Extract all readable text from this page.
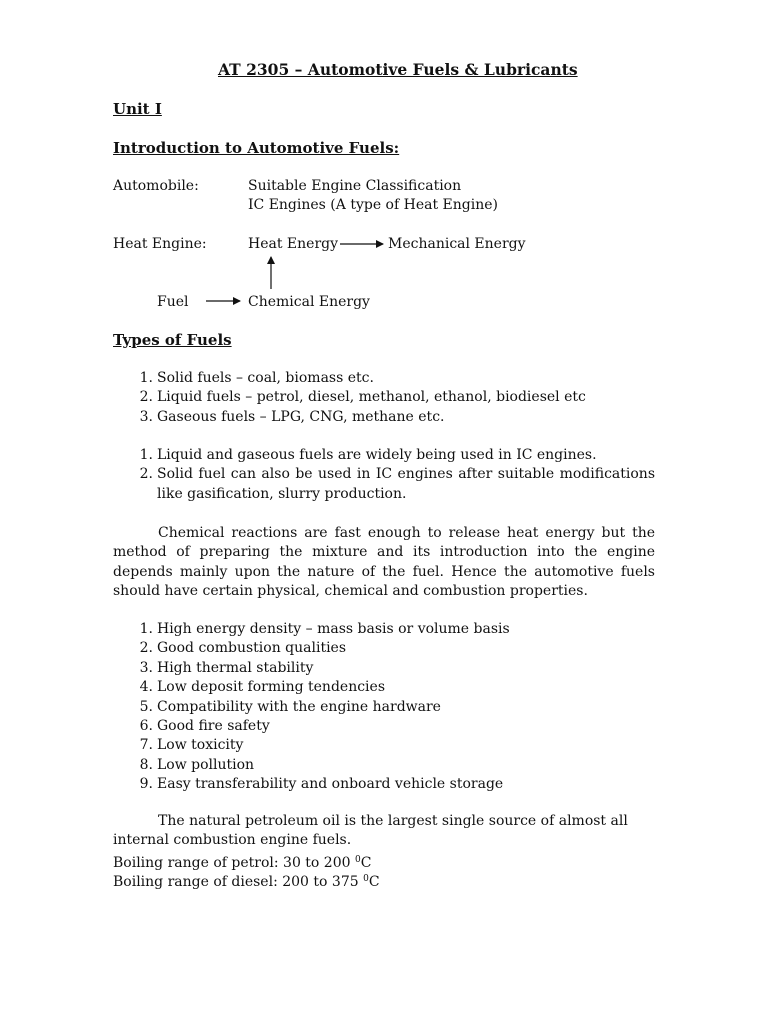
AT 2305 – Automotive Fuels & Lubricants
Unit I
Introduction to Automotive Fuels:
Automobile:	Suitable Engine Classification
IC Engines (A type of Heat Engine)
Heat Engine:	Heat Energy	Mechanical Energy
Fuel	Chemical Energy
Types of Fuels
1. Solid fuels – coal, biomass etc.
2. Liquid fuels – petrol, diesel, methanol, ethanol, biodiesel etc
3. Gaseous fuels – LPG, CNG, methane etc.
1. Liquid and gaseous fuels are widely being used in IC engines.
2. Solid fuel can also be used in IC engines after suitable modifications like gasification, slurry production.
Chemical reactions are fast enough to release heat energy but the method of preparing the mixture and its introduction into the engine depends mainly upon the nature of the fuel. Hence the automotive fuels should have certain physical, chemical and combustion properties.
1. High energy density – mass basis or volume basis
2. Good combustion qualities
3. High thermal stability
4. Low deposit forming tendencies
5. Compatibility with the engine hardware
6. Good fire safety
7. Low toxicity
8. Low pollution
9. Easy transferability and onboard vehicle storage
The natural petroleum oil is the largest single source of almost all internal combustion engine fuels.
Boiling range of petrol: 30 to 200 $^0$C
Boiling range of diesel: 200 to 375 $^0$C
